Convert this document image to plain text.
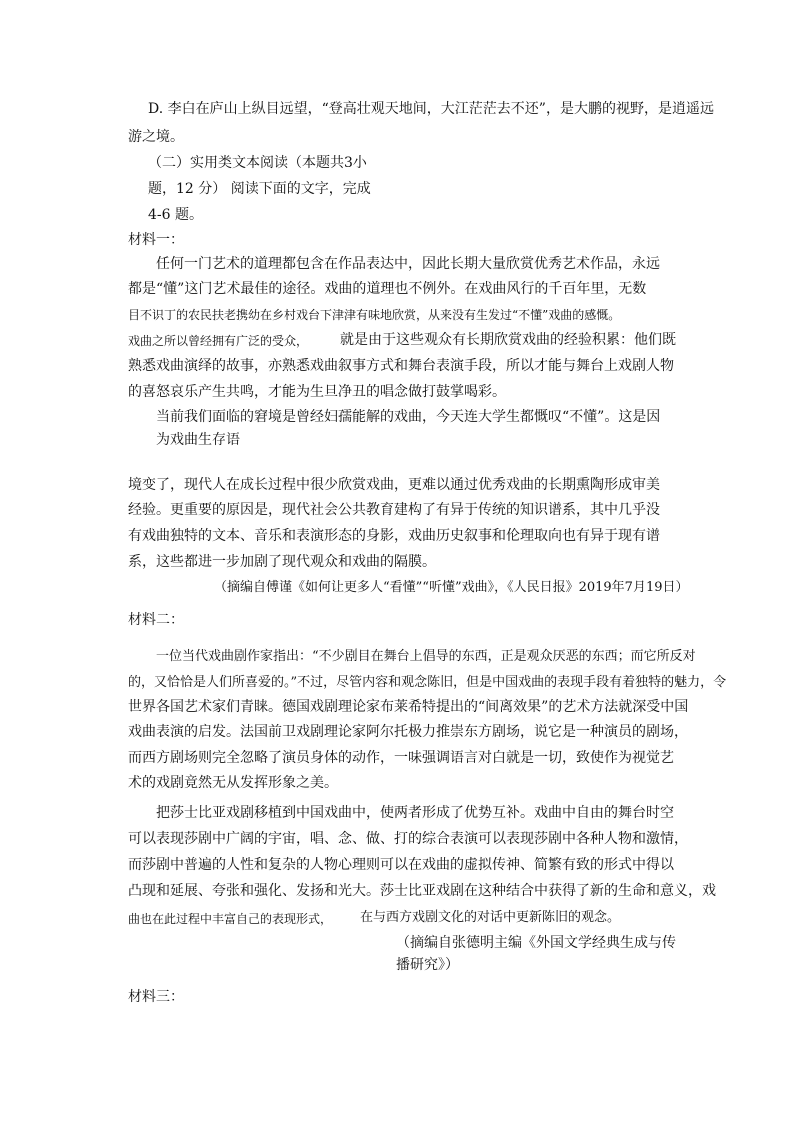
D. 李白在庐山上纵目远望，“登高壮观天地间，大江茫茫去不还”，是大鹏的视野，是逍遥远
游之境。
（二）实用类文本阅读（本题共3小
题，12 分） 阅读下面的文字，完成
4-6 题。
材料一：
任何一门艺术的道理都包含在作品表达中，因此长期大量欣赏优秀艺术作品，永远
都是“懂”这门艺术最佳的途径。戏曲的道理也不例外。在戏曲风行的千百年里，无数
目不识丁的农民扶老携幼在乡村戏台下津津有味地欣赏，从来没有生发过“不懂”戏曲的感慨。
戏曲之所以曾经拥有广泛的受众， 就是由于这些观众有长期欣赏戏曲的经验积累：他们既
熟悉戏曲演绎的故事，亦熟悉戏曲叙事方式和舞台表演手段，所以才能与舞台上戏剧人物
的喜怒哀乐产生共鸣，才能为生旦净丑的唱念做打鼓掌喝彩。
当前我们面临的窘境是曾经妇孺能解的戏曲，今天连大学生都慨叹“不懂”。这是因
为戏曲生存语
境变了，现代人在成长过程中很少欣赏戏曲，更难以通过优秀戏曲的长期熏陶形成审美
经验。更重要的原因是，现代社会公共教育建构了有异于传统的知识谱系，其中几乎没
有戏曲独特的文本、音乐和表演形态的身影，戏曲历史叙事和伦理取向也有异于现有谱
系，这些都进一步加剧了现代观众和戏曲的隔膜。
（摘编自傅谨《如何让更多人“看懂”“听懂”戏曲》，《人民日报》2019年7月19日）
材料二：
一位当代戏曲剧作家指出：“不少剧目在舞台上倡导的东西，正是观众厌恶的东西；而它所反对
的，又恰恰是人们所喜爱的。”不过，尽管内容和观念陈旧，但是中国戏曲的表现手段有着独特的魅力，令
世界各国艺术家们青睐。德国戏剧理论家布莱希特提出的“间离效果”的艺术方法就深受中国
戏曲表演的启发。法国前卫戏剧理论家阿尔托极力推崇东方剧场，说它是一种演员的剧场，
而西方剧场则完全忽略了演员身体的动作，一味强调语言对白就是一切，致使作为视觉艺
术的戏剧竟然无从发挥形象之美。
把莎士比亚戏剧移植到中国戏曲中，使两者形成了优势互补。戏曲中自由的舞台时空
可以表现莎剧中广阔的宇宙，唱、念、做、打的综合表演可以表现莎剧中各种人物和激情，
而莎剧中普遍的人性和复杂的人物心理则可以在戏曲的虚拟传神、简繁有致的形式中得以
凸现和延展、夸张和强化、发扬和光大。莎士比亚戏剧在这种结合中获得了新的生命和意义，戏
曲也在此过程中丰富自己的表现形式， 在与西方戏剧文化的对话中更新陈旧的观念。
（摘编自张德明主编《外国文学经典生成与传
播研究》）
材料三：
